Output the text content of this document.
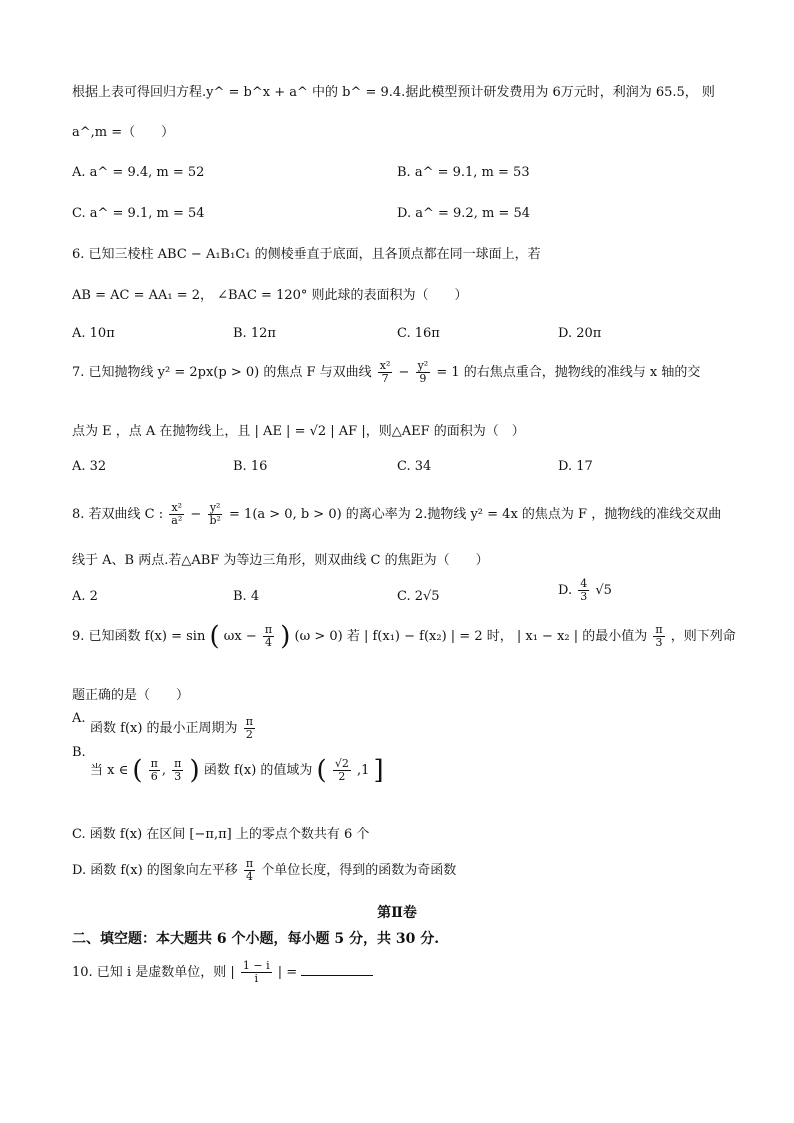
根据上表可得回归方程.y^ = b^x + a^ 中的 b^ = 9.4.据此模型预计研发费用为 6万元时，利润为 65.5， 则
a^,m =（　　）
A. a^ = 9.4, m = 52	B. a^ = 9.1, m = 53
C. a^ = 9.1, m = 54	D. a^ = 9.2, m = 54
6. 已知三棱柱 ABC − A₁B₁C₁ 的侧棱垂直于底面，且各顶点都在同一球面上，若
AB = AC = AA₁ = 2， ∠BAC = 120° 则此球的表面积为（　　）
A. 10π	B. 12π	C. 16π	D. 20π
7. 已知抛物线 y² = 2px(p > 0) 的焦点 F 与双曲线 $\frac{\text{x²}}{7} - \frac{\text{y²}}{9} = 1$ 的右焦点重合，抛物线的准线与 x 轴的交
点为 E ，点 A 在抛物线上，且 | AE | = √2 | AF |，则△AEF 的面积为（　）
A. 32	B. 16	C. 34	D. 17
8. 若双曲线 C : $\frac{\text{x²}}{\text{a²}} - \frac{\text{y²}}{\text{b²}} = 1(a > 0$, b > 0) 的离心率为 2.抛物线 y² = 4x 的焦点为 F ，抛物线的准线交双曲
线于 A、B 两点.若△ABF 为等边三角形，则双曲线 C 的焦距为（　　）
A. 2	B. 4	C. 2√5	D. $\frac{4}{3} √5$
9. 已知函数 f(x) = sin ( $\omega x - \frac{\pi}{4}$ ) (ω > 0) 若 | f(x₁) − f(x₂) | = 2 时， | x₁ − x₂ | 的最小值为 $\frac{\pi}{3}$ ，则下列命
题正确的是（　　）
A.
函数 f(x) 的最小正周期为 $\frac{\pi}{2}$
B.
当 x ∈ ( $\frac{\pi}{6}$ , $\frac{\pi}{3}$ ) 函数 f(x) 的值域为 ( $\frac{√2}{2} ,1$ ]
C. 函数 f(x) 在区间 [−π,π] 上的零点个数共有 6 个
D. 函数 f(x) 的图象向左平移 $\frac{\pi}{4}$ 个单位长度，得到的函数为奇函数
第Ⅱ卷
二、填空题：本大题共 6 个小题，每小题 5 分，共 30 分.
10. 已知 i 是虚数单位，则 | $\frac{1 - i}{i}$ | =
